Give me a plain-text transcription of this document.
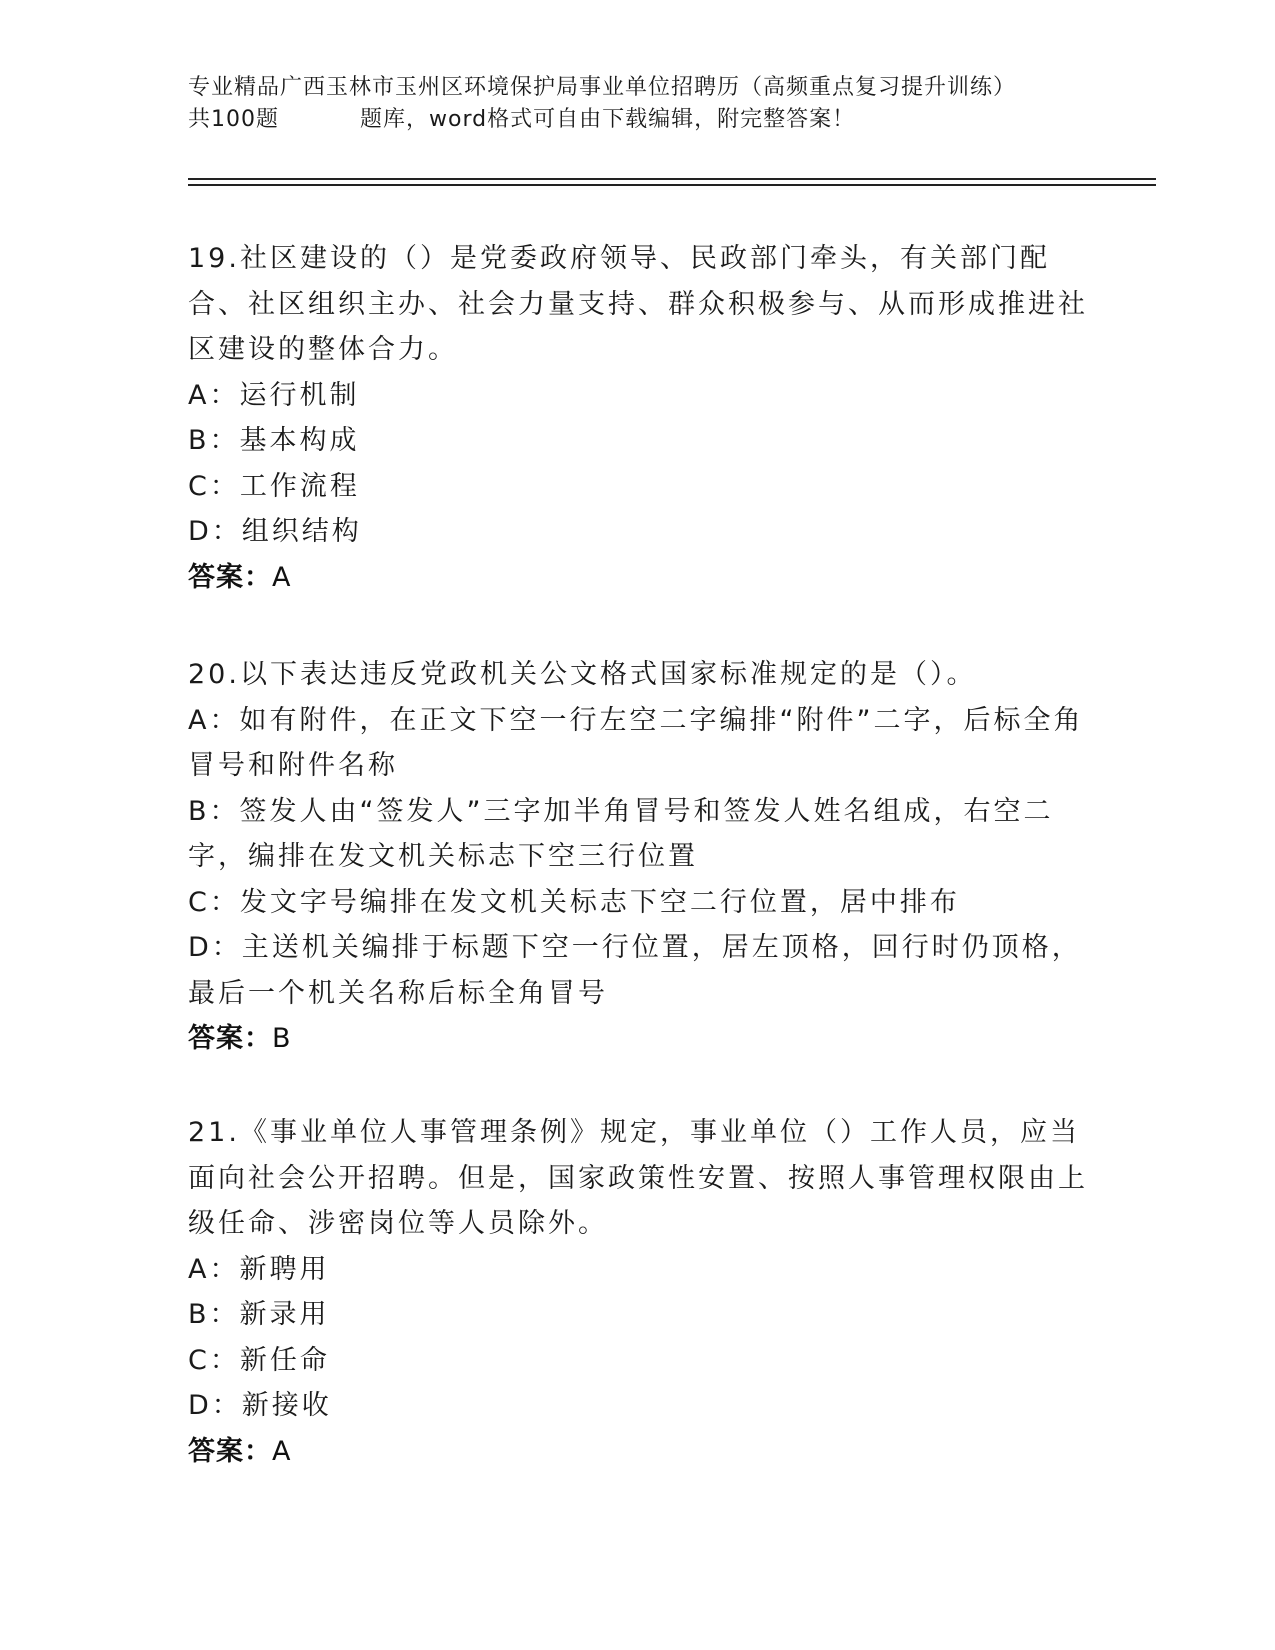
专业精品广西玉林市玉州区环境保护局事业单位招聘历（高频重点复习提升训练）
共100题	题库，word格式可自由下载编辑，附完整答案！
19.社区建设的（）是党委政府领导、民政部门牵头，有关部门配合、社区组织主办、社会力量支持、群众积极参与、从而形成推进社区建设的整体合力。
A：运行机制
B：基本构成
C：工作流程
D：组织结构
答案：A
20.以下表达违反党政机关公文格式国家标准规定的是（）。
A：如有附件，在正文下空一行左空二字编排“附件”二字，后标全角冒号和附件名称
B：签发人由“签发人”三字加半角冒号和签发人姓名组成，右空二字，编排在发文机关标志下空三行位置
C：发文字号编排在发文机关标志下空二行位置，居中排布
D：主送机关编排于标题下空一行位置，居左顶格，回行时仍顶格，最后一个机关名称后标全角冒号
答案：B
21.《事业单位人事管理条例》规定，事业单位（）工作人员，应当面向社会公开招聘。但是，国家政策性安置、按照人事管理权限由上级任命、涉密岗位等人员除外。
A：新聘用
B：新录用
C：新任命
D：新接收
答案：A
